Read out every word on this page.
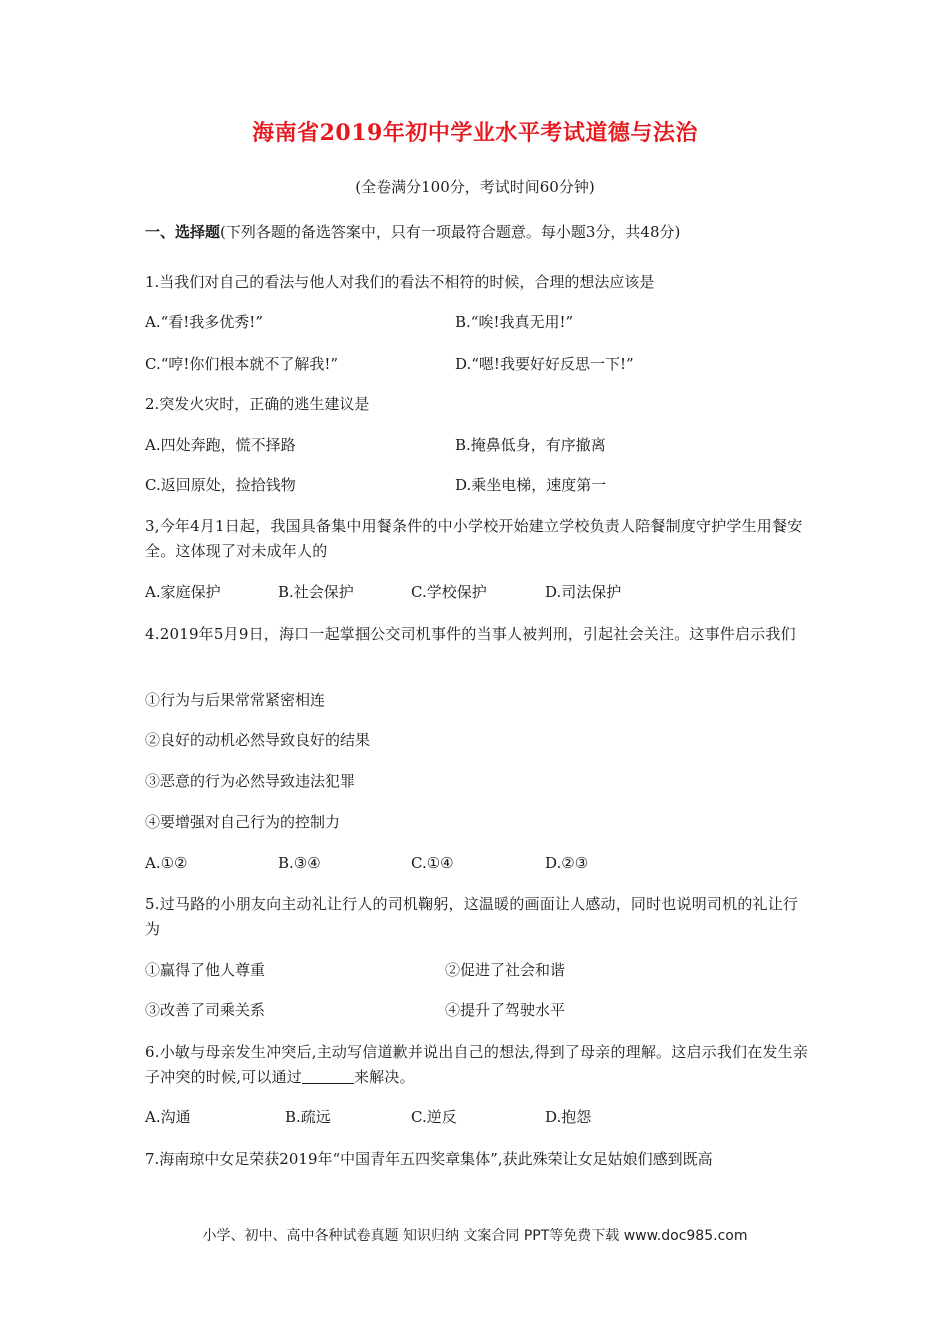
海南省2019年初中学业水平考试道德与法治
(全卷满分100分，考试时间60分钟)
一、选择题(下列各题的备选答案中，只有一项最符合题意。每小题3分，共48分)
1.当我们对自己的看法与他人对我们的看法不相符的时候，合理的想法应该是
A.“看!我多优秀!”	B.“唉!我真无用!”
C.“哼!你们根本就不了解我!”	D.“嗯!我要好好反思一下!”
2.突发火灾时，正确的逃生建议是
A.四处奔跑，慌不择路	B.掩鼻低身，有序撤离
C.返回原处，捡拾钱物	D.乘坐电梯，速度第一
3,今年4月1日起，我国具备集中用餐条件的中小学校开始建立学校负责人陪餐制度守护学生用餐安全。这体现了对未成年人的
A.家庭保护	B.社会保护	C.学校保护	D.司法保护
4.2019年5月9日，海口一起掌掴公交司机事件的当事人被判刑，引起社会关注。这事件启示我们
①行为与后果常常紧密相连
②良好的动机必然导致良好的结果
③恶意的行为必然导致违法犯罪
④要增强对自己行为的控制力
A.①②	B.③④	C.①④	D.②③
5.过马路的小朋友向主动礼让行人的司机鞠躬，这温暖的画面让人感动，同时也说明司机的礼让行为
①赢得了他人尊重	②促进了社会和谐
③改善了司乘关系	④提升了驾驶水平
6.小敏与母亲发生冲突后,主动写信道歉并说出自己的想法,得到了母亲的理解。这启示我们在发生亲子冲突的时候,可以通过	来解决。
A.沟通	B.疏远	C.逆反	D.抱怨
7.海南琼中女足荣获2019年“中国青年五四奖章集体”,获此殊荣让女足姑娘们感到既高
小学、初中、高中各种试卷真题 知识归纳 文案合同 PPT等免费下载 www.doc985.com
